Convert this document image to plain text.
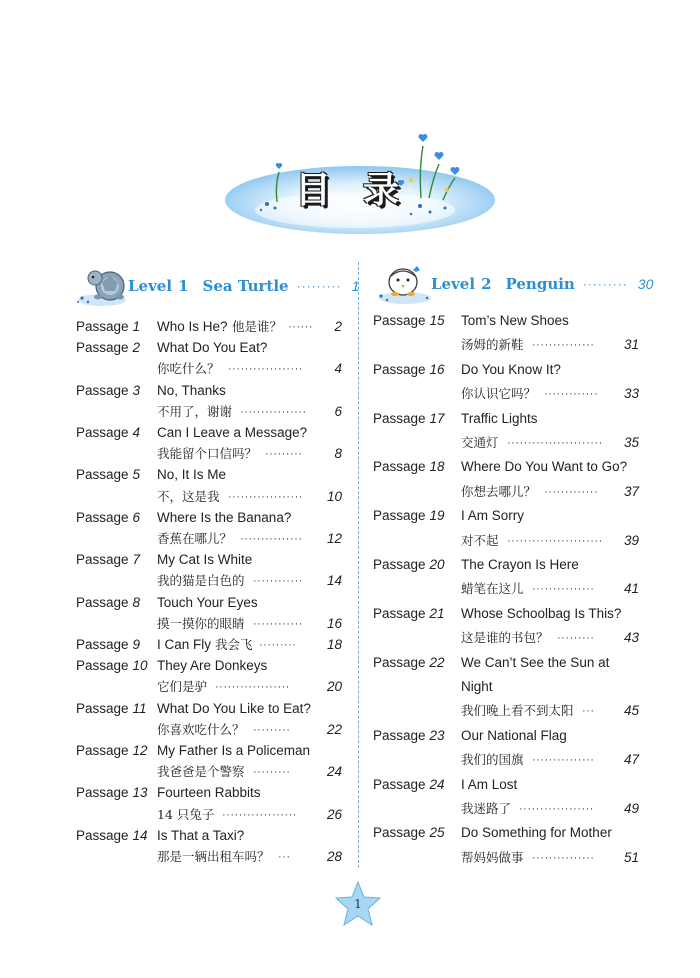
目 录
Level 1 Sea Turtle ········· 1	Level 2 Penguin ········· 30
Passage 1 Who Is He? 他是谁？ ······	2
Passage 2 What Do You Eat?
你吃什么？ ··················	4
Passage 3 No, Thanks
不用了，谢谢 ················	6
Passage 4 Can I Leave a Message?
我能留个口信吗？ ·········	8
Passage 5 No, It Is Me
不，这是我 ··················	10
Passage 6 Where Is the Banana?
香蕉在哪儿？ ···············	12
Passage 7 My Cat Is White
我的猫是白色的 ············	14
Passage 8 Touch Your Eyes
摸一摸你的眼睛 ············	16
Passage 9 I Can Fly 我会飞 ·········	18
Passage 10 They Are Donkeys
它们是驴 ··················	20
Passage 11 What Do You Like to Eat?
你喜欢吃什么？ ·········	22
Passage 12 My Father Is a Policeman
我爸爸是个警察 ·········	24
Passage 13 Fourteen Rabbits
14 只兔子 ··················	26
Passage 14 Is That a Taxi?
那是一辆出租车吗？ ···	28
Passage 15 Tom’s New Shoes
汤姆的新鞋 ···············	31
Passage 16 Do You Know It?
你认识它吗？ ·············	33
Passage 17 Traffic Lights
交通灯 ·······················	35
Passage 18 Where Do You Want to Go?
你想去哪儿？ ·············	37
Passage 19 I Am Sorry
对不起 ·······················	39
Passage 20 The Crayon Is Here
蜡笔在这儿 ···············	41
Passage 21 Whose Schoolbag Is This?
这是谁的书包？ ·········	43
Passage 22 We Can’t See the Sun at
Night
我们晚上看不到太阳 ···	45
Passage 23 Our National Flag
我们的国旗 ···············	47
Passage 24 I Am Lost
我迷路了 ··················	49
Passage 25 Do Something for Mother
帮妈妈做事 ···············	51
1
